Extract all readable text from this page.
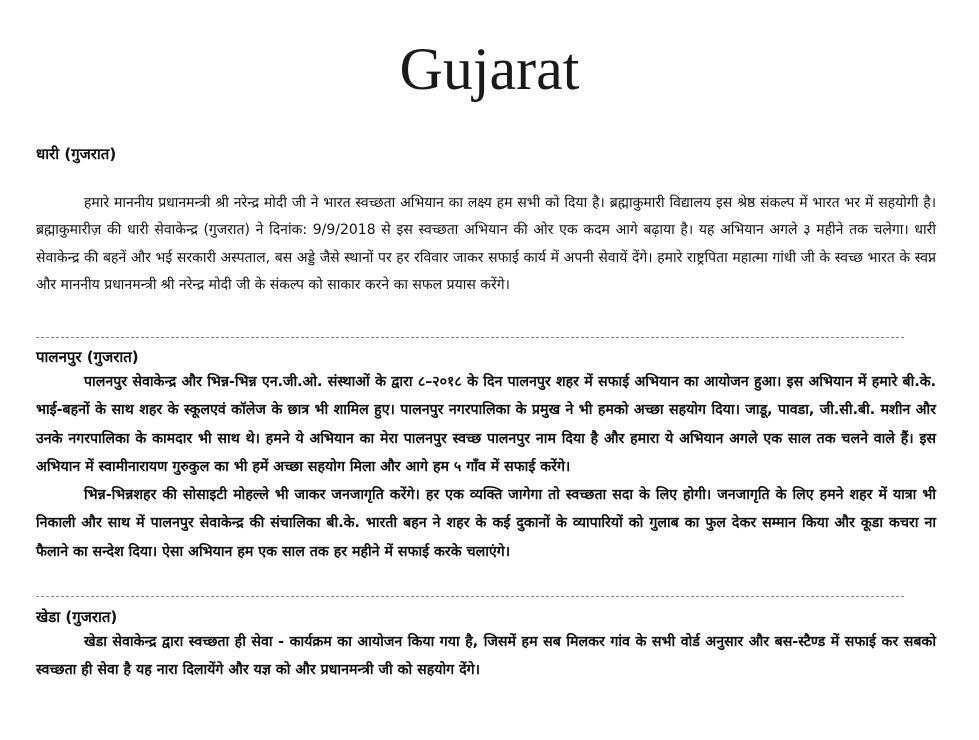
Gujarat
धारी (गुजरात)
हमारे माननीय प्रधानमन्त्री श्री नरेन्द्र मोदी जी ने भारत स्वच्छता अभियान का लक्ष्य हम सभी को दिया है। ब्रह्माकुमारी विद्यालय इस श्रेष्ठ संकल्प में भारत भर में सहयोगी है। ब्रह्माकुमारीज़ की धारी सेवाकेन्द्र (गुजरात) ने दिनांक: 9/9/2018 से इस स्वच्छता अभियान की ओर एक कदम आगे बढ़ाया है। यह अभियान अगले ३ महीने तक चलेगा। धारी सेवाकेन्द्र की बहनें और भई सरकारी अस्पताल, बस अड्डे जैसे स्थानों पर हर रविवार जाकर सफाई कार्य में अपनी सेवायें देंगे। हमारे राष्ट्रपिता महात्मा गांधी जी के स्वच्छ भारत के स्वप्न और माननीय प्रधानमन्त्री श्री नरेन्द्र मोदी जी के संकल्प को साकार करने का सफल प्रयास करेंगे।
पालनपुर (गुजरात)
पालनपुर सेवाकेन्द्र और भिन्न-भिन्न एन.जी.ओ. संस्थाओं के द्वारा ८–२०१८ के दिन पालनपुर शहर में सफाई अभियान का आयोजन हुआ। इस अभियान में हमारे बी.के. भाई-बहनों के साथ शहर के स्कूलएवं कॉलेज के छात्र भी शामिल हुए। पालनपुर नगरपालिका के प्रमुख ने भी हमको अच्छा सहयोग दिया। जाडू, पावडा, जी.सी.बी. मशीन और उनके नगरपालिका के कामदार भी साथ थे। हमने ये अभियान का मेरा पालनपुर स्वच्छ पालनपुर नाम दिया है और हमारा ये अभियान अगले एक साल तक चलने वाले हैं। इस अभियान में स्वामीनारायण गुरुकुल का भी हमें अच्छा सहयोग मिला और आगे हम ५ गाँव में सफाई करेंगे।
भिन्न-भिन्नशहर की सोसाइटी मोहल्ले भी जाकर जनजागृति करेंगे। हर एक व्यक्ति जागेगा तो स्वच्छता सदा के लिए होगी। जनजागृति के लिए हमने शहर में यात्रा भी निकाली और साथ में पालनपुर सेवाकेन्द्र की संचालिका बी.के. भारती बहन ने शहर के कई दुकानों के व्यापारियों को गुलाब का फुल देकर सम्मान किया और कूडा कचरा ना फैलाने का सन्देश दिया। ऐसा अभियान हम एक साल तक हर महीने में सफाई करके चलाएंगे।
खेडा (गुजरात)
खेडा सेवाकेन्द्र द्वारा स्वच्छता ही सेवा - कार्यक्रम का आयोजन किया गया है, जिसमें हम सब मिलकर गांव के सभी वोर्ड अनुसार और बस-स्टैण्ड में सफाई कर सबको स्वच्छता ही सेवा है यह नारा दिलायेंगे और यज्ञ को और प्रधानमन्त्री जी को सहयोग देंगे।
